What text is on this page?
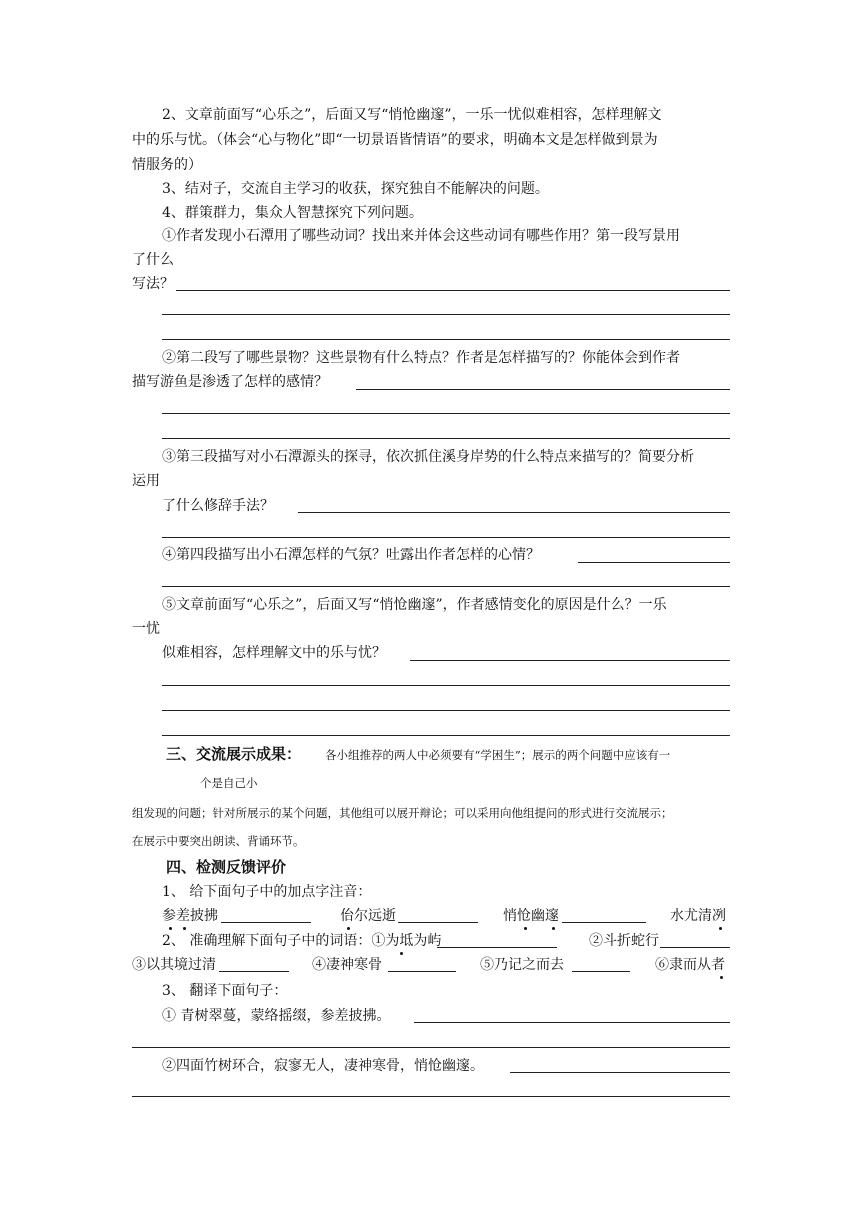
2、文章前面写“心乐之”，后面又写“悄怆幽邃”，一乐一忧似难相容，怎样理解文
中的乐与忧。（体会“心与物化”即“一切景语皆情语”的要求，明确本文是怎样做到景为
情服务的）
3、结对子，交流自主学习的收获，探究独自不能解决的问题。
4、群策群力，集众人智慧探究下列问题。
①作者发现小石潭用了哪些动词？找出来并体会这些动词有哪些作用？第一段写景用
了什么
写法？
②第二段写了哪些景物？这些景物有什么特点？作者是怎样描写的？你能体会到作者
描写游鱼是渗透了怎样的感情？
③第三段描写对小石潭源头的探寻，依次抓住溪身岸势的什么特点来描写的？简要分析
运用
了什么修辞手法？
④第四段描写出小石潭怎样的气氛？吐露出作者怎样的心情？
⑤文章前面写“心乐之”，后面又写“悄怆幽邃”，作者感情变化的原因是什么？一乐
一忧
似难相容，怎样理解文中的乐与忧？
三、交流展示成果： 各小组推荐的两人中必须要有“学困生”；展示的两个问题中应该有一
个是自己小
组发现的问题；针对所展示的某个问题，其他组可以展开辩论；可以采用向他组提问的形式进行交流展示；
在展示中要突出朗读、背诵环节。
四、检测反馈评价
1、 给下面句子中的加点字注音：
参差披拂	佁尔远逝	悄怆幽邃	水尤清冽
2、 准确理解下面句子中的词语：①为坻为屿	②斗折蛇行
③以其境过清	④凄神寒骨	⑤乃记之而去	⑥隶而从者
3、 翻译下面句子：
① 青树翠蔓，蒙络摇缀，参差披拂。
②四面竹树环合，寂寥无人，凄神寒骨，悄怆幽邃。
